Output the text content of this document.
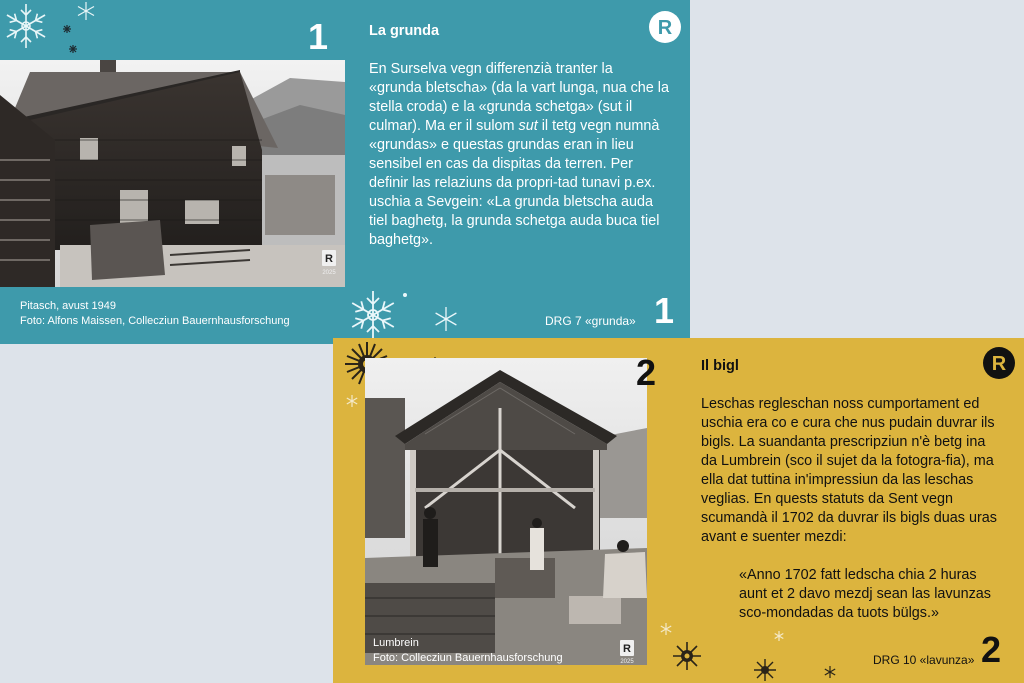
1
R
2025
Pitasch, avust 1949
Foto: Alfons Maissen, Collecziun Bauernhausforschung
La grunda	R
En Surselva vegn differenzià tranter la «grunda bletscha» (da la vart lunga, nua che la stella croda) e la «grunda schetga» (sut il culmar). Ma er il sulom sut il tetg vegn numnà «grundas» e questas grundas eran in lieu sensibel en cas da dispitas da terren. Per definir las relaziuns da propri-tad tunavi p.ex. uschia a Sevgein: «La grunda bletscha auda tiel baghetg, la grunda schetga auda buca tiel baghetg».
DRG 7 «grunda» 1
R
2025
Lumbrein
Foto: Collecziun Bauernhausforschung
2	Il bigl	R
Leschas regleschan noss cumportament ed uschia era co e cura che nus pudain duvrar ils bigls. La suandanta prescripziun n'è betg ina da Lumbrein (sco il sujet da la fotogra-fia), ma ella dat tuttina in'impressiun da las leschas veglias. En quests statuts da Sent vegn scumandà il 1702 da duvrar ils bigls duas uras avant e suenter mezdi:
«Anno 1702 fatt ledscha chia 2 huras aunt et 2 davo mezdj sean las lavunzas sco-mondadas da tuots bülgs.»
DRG 10 «lavunza» 2
